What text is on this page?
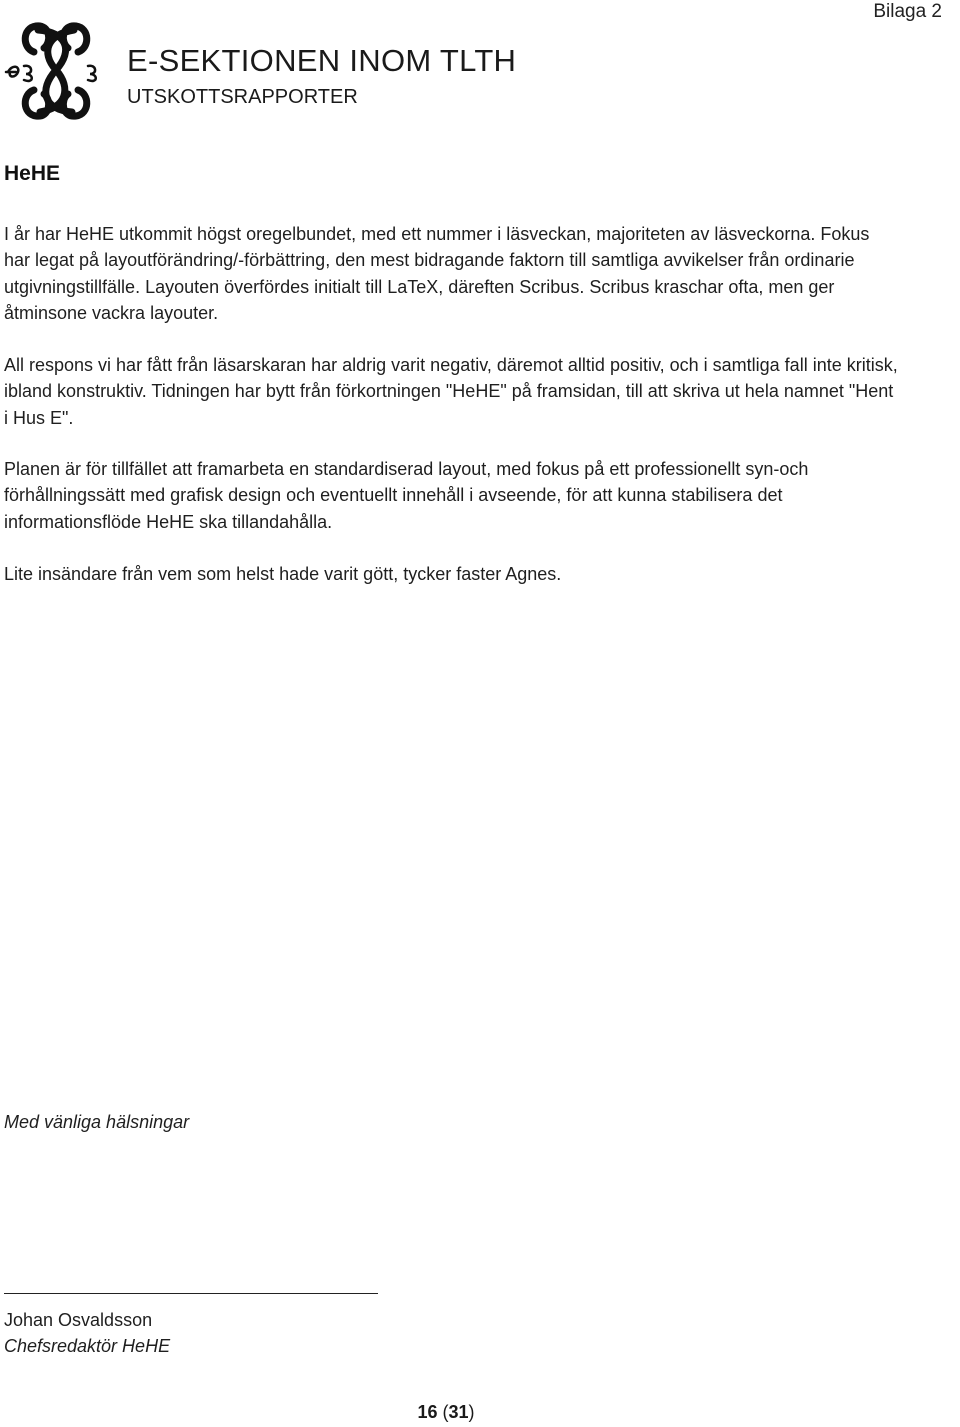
Bilaga 2
E-SEKTIONEN INOM TLTH
UTSKOTTSRAPPORTER
HeHE

I år har HeHE utkommit högst oregelbundet, med ett nummer i läsveckan, majoriteten av läsveckorna. Fokus har legat på layoutförändring/-förbättring, den mest bidragande faktorn till samtliga avvikelser från ordinarie utgivningstillfälle. Layouten överfördes initialt till LaTeX, däreften Scribus. Scribus kraschar ofta, men ger åtminsone vackra layouter.

All respons vi har fått från läsarskaran har aldrig varit negativ, däremot alltid positiv, och i samtliga fall inte kritisk, ibland konstruktiv. Tidningen har bytt från förkortningen "HeHE" på framsidan, till att skriva ut hela namnet "Hent i Hus E".

Planen är för tillfället att framarbeta en standardiserad layout, med fokus på ett professionellt syn-och förhållningssätt med grafisk design och eventuellt innehåll i avseende, för att kunna stabilisera det informationsflöde HeHE ska tillandahålla.

Lite insändare från vem som helst hade varit gött, tycker faster Agnes.

Med vänliga hälsningar
Johan Osvaldsson
Chefsredaktör HeHE
16 (31)
